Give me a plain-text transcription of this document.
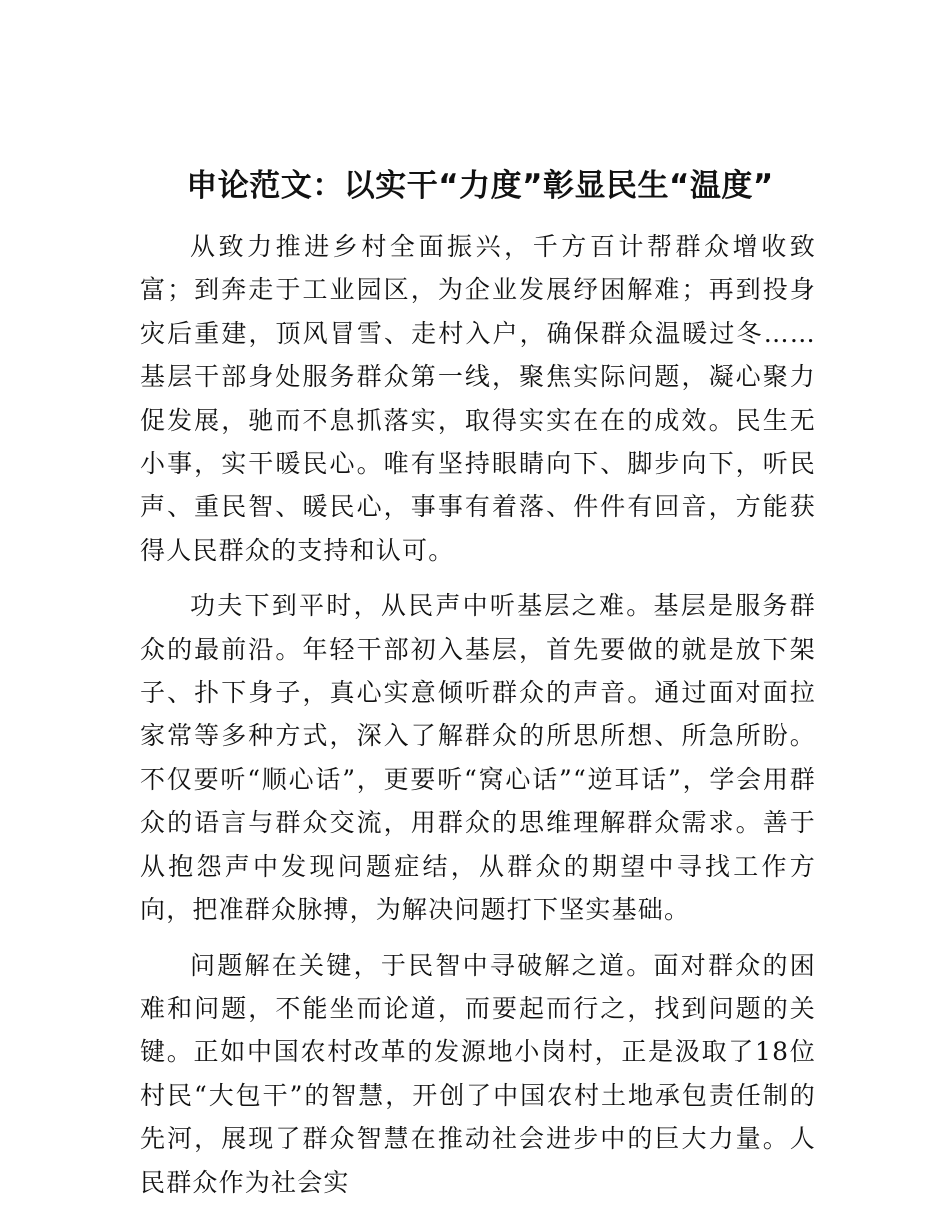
申论范文：以实干“力度”彰显民生“温度”

从致力推进乡村全面振兴，千方百计帮群众增收致富；到奔走于工业园区，为企业发展纾困解难；再到投身灾后重建，顶风冒雪、走村入户，确保群众温暖过冬……基层干部身处服务群众第一线，聚焦实际问题，凝心聚力促发展，驰而不息抓落实，取得实实在在的成效。民生无小事，实干暖民心。唯有坚持眼睛向下、脚步向下，听民声、重民智、暖民心，事事有着落、件件有回音，方能获得人民群众的支持和认可。

功夫下到平时，从民声中听基层之难。基层是服务群众的最前沿。年轻干部初入基层，首先要做的就是放下架子、扑下身子，真心实意倾听群众的声音。通过面对面拉家常等多种方式，深入了解群众的所思所想、所急所盼。不仅要听“顺心话”，更要听“窝心话”“逆耳话”，学会用群众的语言与群众交流，用群众的思维理解群众需求。善于从抱怨声中发现问题症结，从群众的期望中寻找工作方向，把准群众脉搏，为解决问题打下坚实基础。

问题解在关键，于民智中寻破解之道。面对群众的困难和问题，不能坐而论道，而要起而行之，找到问题的关键。正如中国农村改革的发源地小岗村，正是汲取了18位村民“大包干”的智慧，开创了中国农村土地承包责任制的先河，展现了群众智慧在推动社会进步中的巨大力量。人民群众作为社会实
